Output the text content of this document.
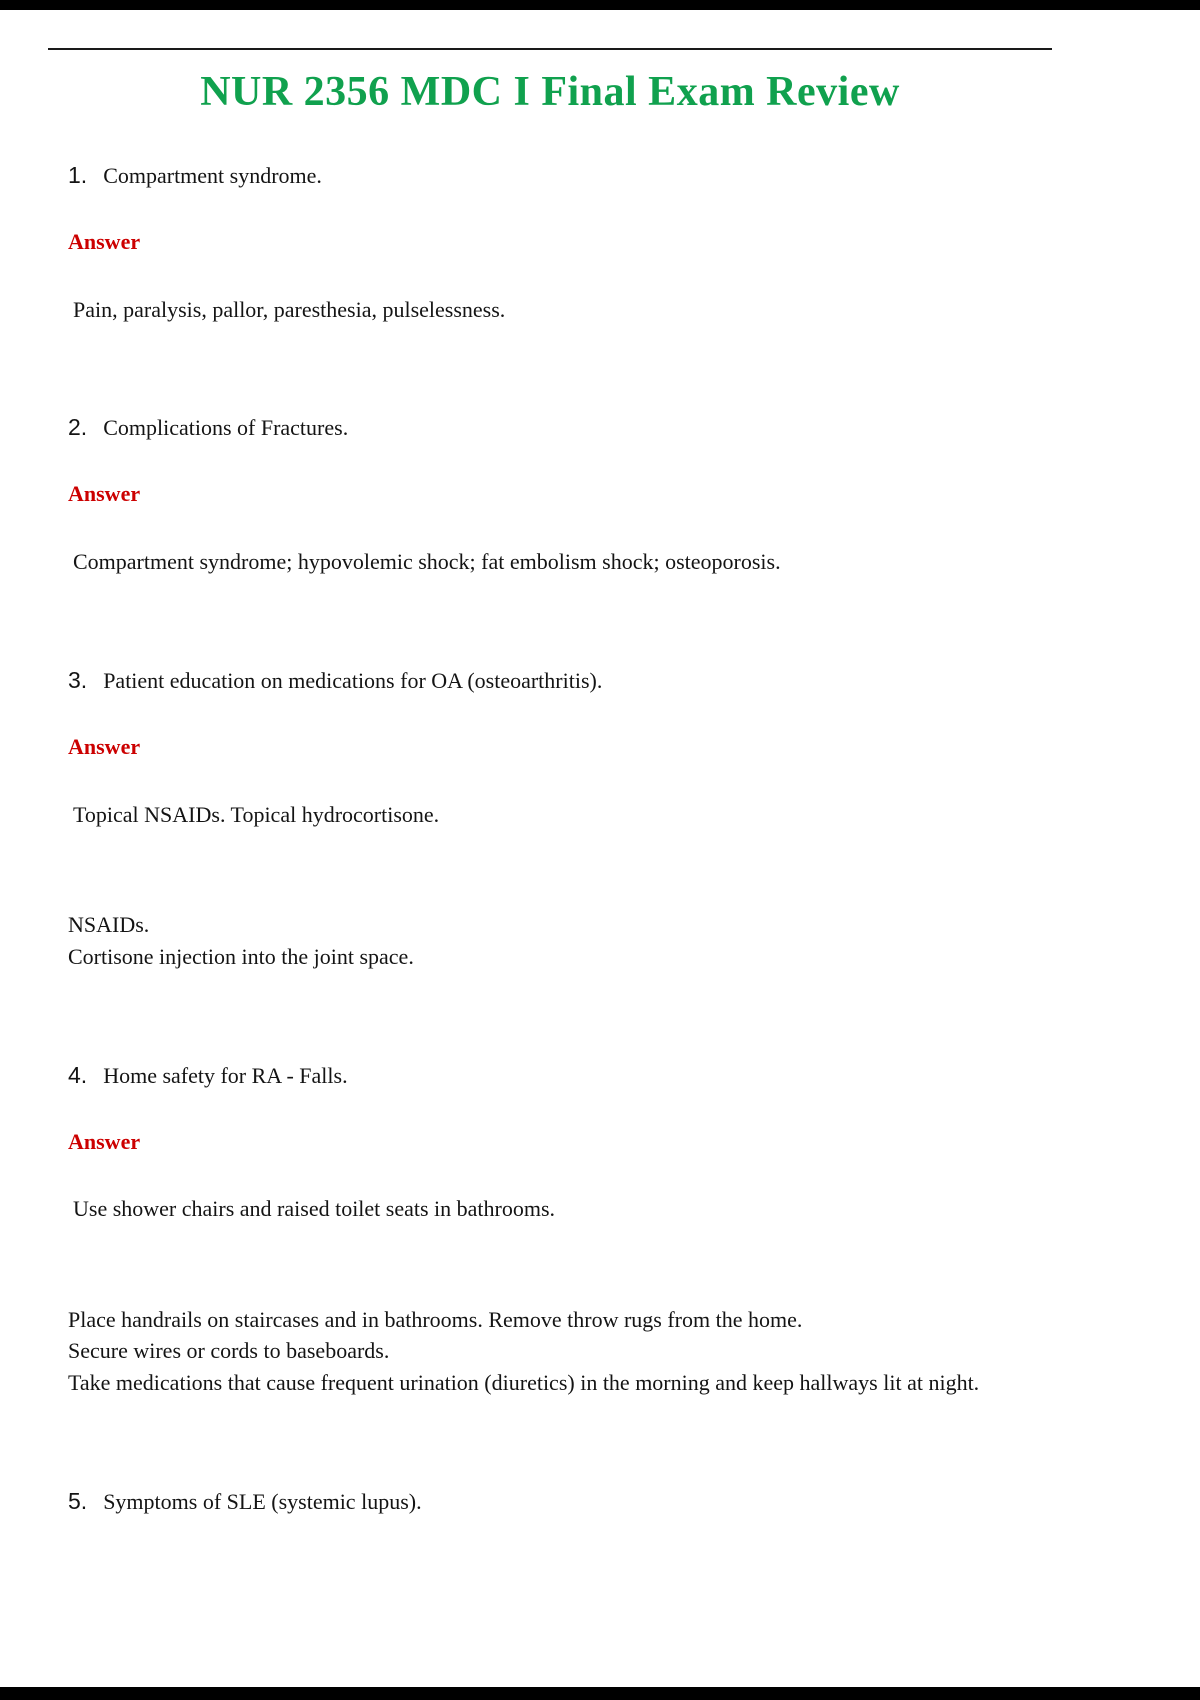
NUR 2356 MDC I Final Exam Review
1. Compartment syndrome.
Answer
Pain, paralysis, pallor, paresthesia, pulselessness.
2. Complications of Fractures.
Answer
Compartment syndrome; hypovolemic shock; fat embolism shock; osteoporosis.
3. Patient education on medications for OA (osteoarthritis).
Answer
Topical NSAIDs. Topical hydrocortisone.
NSAIDs.
Cortisone injection into the joint space.
4. Home safety for RA - Falls.
Answer
Use shower chairs and raised toilet seats in bathrooms.
Place handrails on staircases and in bathrooms. Remove throw rugs from the home.
Secure wires or cords to baseboards.
Take medications that cause frequent urination (diuretics) in the morning and keep hallways lit at night.
5. Symptoms of SLE (systemic lupus).
